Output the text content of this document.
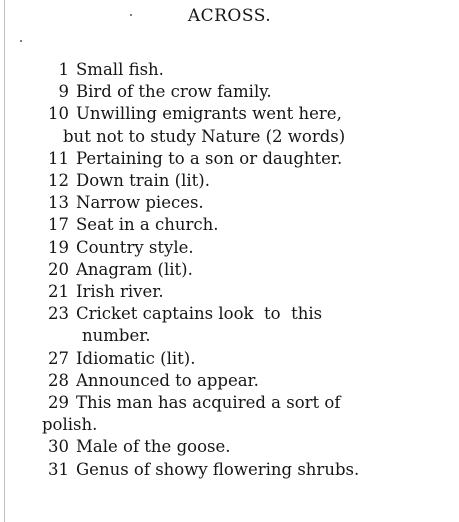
ACROSS.
1 Small fish.
9 Bird of the crow family.
10 Unwilling emigrants went here,
but not to study Nature (2 words)
11 Pertaining to a son or daughter.
12 Down train (lit).
13 Narrow pieces.
17 Seat in a church.
19 Country style.
20 Anagram (lit).
21 Irish river.
23 Cricket captains look  to  this
number.
27 Idiomatic (lit).
28 Announced to appear.
29 This man has acquired a sort of
polish.
30 Male of the goose.
31 Genus of showy flowering shrubs.
